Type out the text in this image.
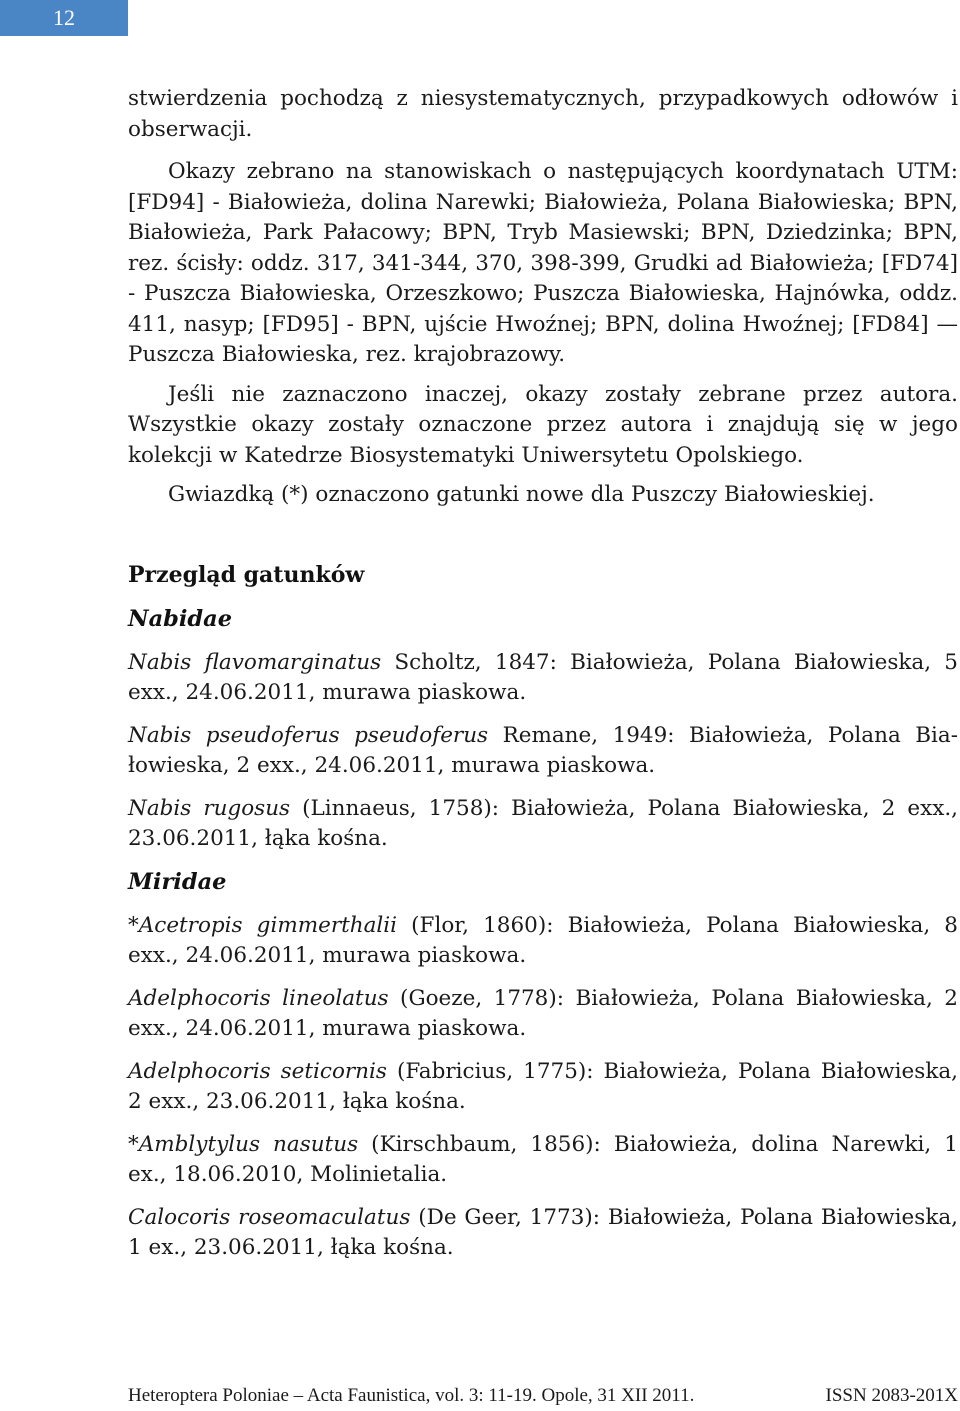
12

stwierdzenia pochodzą z niesystematycznych, przypadkowych odłowów i obserwacji.

Okazy zebrano na stanowiskach o następujących koordynatach UTM: [FD94] - Białowieża, dolina Narewki; Białowieża, Polana Białowieska; BPN, Białowieża, Park Pałacowy; BPN, Tryb Masiewski; BPN, Dziedzinka; BPN, rez. ścisły: oddz. 317, 341-344, 370, 398-399, Grudki ad Białowieża; [FD74] - Puszcza Białowieska, Orzeszkowo; Puszcza Białowieska, Hajnówka, oddz. 411, nasyp; [FD95] - BPN, ujście Hwoźnej; BPN, dolina Hwoźnej; [FD84] — Puszcza Białowieska, rez. krajobrazowy.

Jeśli nie zaznaczono inaczej, okazy zostały zebrane przez autora. Wszystkie okazy zostały oznaczone przez autora i znajdują się w jego kolekcji w Katedrze Biosystematyki Uniwersytetu Opolskiego.

Gwiazdką (*) oznaczono gatunki nowe dla Puszczy Białowieskiej.

Przegląd gatunków

Nabidae

Nabis flavomarginatus Scholtz, 1847: Białowieża, Polana Białowieska, 5 exx., 24.06.2011, murawa piaskowa.

Nabis pseudoferus pseudoferus Remane, 1949: Białowieża, Polana Białowieska, 2 exx., 24.06.2011, murawa piaskowa.

Nabis rugosus (Linnaeus, 1758): Białowieża, Polana Białowieska, 2 exx., 23.06.2011, łąka kośna.

Miridae

*Acetropis gimmerthalii (Flor, 1860): Białowieża, Polana Białowieska, 8 exx., 24.06.2011, murawa piaskowa.

Adelphocoris lineolatus (Goeze, 1778): Białowieża, Polana Białowieska, 2 exx., 24.06.2011, murawa piaskowa.

Adelphocoris seticornis (Fabricius, 1775): Białowieża, Polana Białowieska, 2 exx., 23.06.2011, łąka kośna.

*Amblytylus nasutus (Kirschbaum, 1856): Białowieża, dolina Narewki, 1 ex., 18.06.2010, Molinietalia.

Calocoris roseomaculatus (De Geer, 1773): Białowieża, Polana Białowieska, 1 ex., 23.06.2011, łąka kośna.

Heteroptera Poloniae – Acta Faunistica, vol. 3: 11-19. Opole, 31 XII 2011.	ISSN 2083-201X
